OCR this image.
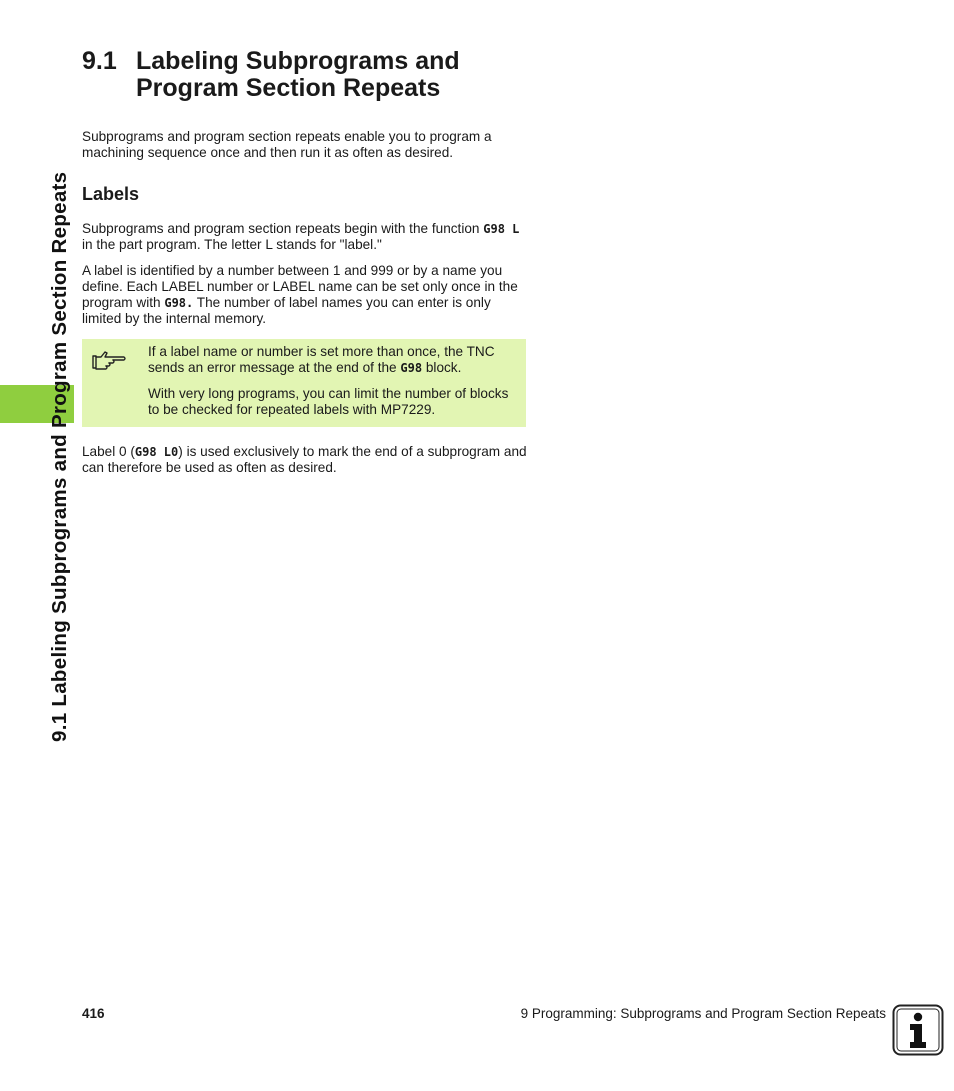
9.1 Labeling Subprograms and Program Section Repeats
9.1 Labeling Subprograms and
Program Section Repeats

Subprograms and program section repeats enable you to program a machining sequence once and then run it as often as desired.

Labels

Subprograms and program section repeats begin with the function G98 L in the part program. The letter L stands for "label."

A label is identified by a number between 1 and 999 or by a name you define. Each LABEL number or LABEL name can be set only once in the program with G98. The number of label names you can enter is only limited by the internal memory.

If a label name or number is set more than once, the TNC sends an error message at the end of the G98 block.

With very long programs, you can limit the number of blocks to be checked for repeated labels with MP7229.

Label 0 (G98 L0) is used exclusively to mark the end of a subprogram and can therefore be used as often as desired.

416	9 Programming: Subprograms and Program Section Repeats
